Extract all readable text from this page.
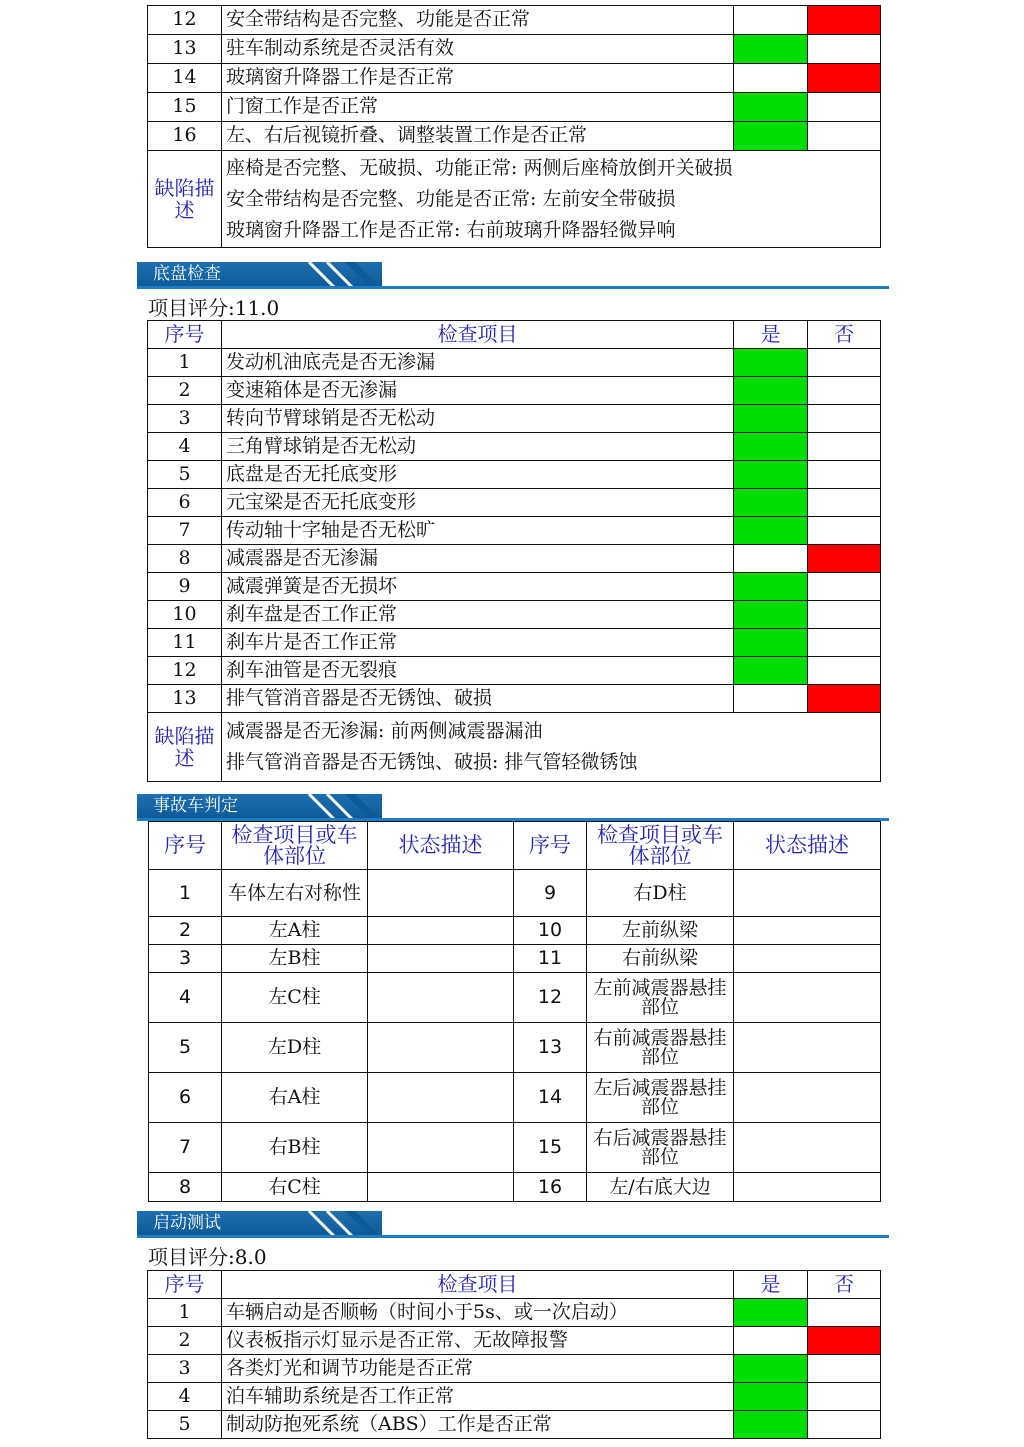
12	安全带结构是否完整、功能是否正常		
13	驻车制动系统是否灵活有效		
14	玻璃窗升降器工作是否正常		
15	门窗工作是否正常		
16	左、右后视镜折叠、调整装置工作是否正常		
缺陷描述	座椅是否完整、无破损、功能正常: 两侧后座椅放倒开关破损
安全带结构是否完整、功能是否正常: 左前安全带破损
玻璃窗升降器工作是否正常: 右前玻璃升降器轻微异响		
底盘检查
项目评分:11.0
序号	检查项目	是	否
1	发动机油底壳是否无渗漏		
2	变速箱体是否无渗漏		
3	转向节臂球销是否无松动		
4	三角臂球销是否无松动		
5	底盘是否无托底变形		
6	元宝梁是否无托底变形		
7	传动轴十字轴是否无松旷		
8	减震器是否无渗漏		
9	减震弹簧是否无损坏		
10	刹车盘是否工作正常		
11	刹车片是否工作正常		
12	刹车油管是否无裂痕		
13	排气管消音器是否无锈蚀、破损		
缺陷描述	减震器是否无渗漏: 前两侧减震器漏油
排气管消音器是否无锈蚀、破损: 排气管轻微锈蚀		
事故车判定
序号	检查项目或车体部位	状态描述	序号	检查项目或车体部位	状态描述
1	车体左右对称性		9	右D柱	
2	左A柱		10	左前纵梁	
3	左B柱		11	右前纵梁	
4	左C柱		12	左前减震器悬挂部位	
5	左D柱		13	右前减震器悬挂部位	
6	右A柱		14	左后减震器悬挂部位	
7	右B柱		15	右后减震器悬挂部位	
8	右C柱		16	左/右底大边	
启动测试
项目评分:8.0
序号	检查项目	是	否
1	车辆启动是否顺畅（时间小于5s、或一次启动）		
2	仪表板指示灯显示是否正常、无故障报警		
3	各类灯光和调节功能是否正常		
4	泊车辅助系统是否工作正常		
5	制动防抱死系统（ABS）工作是否正常		
